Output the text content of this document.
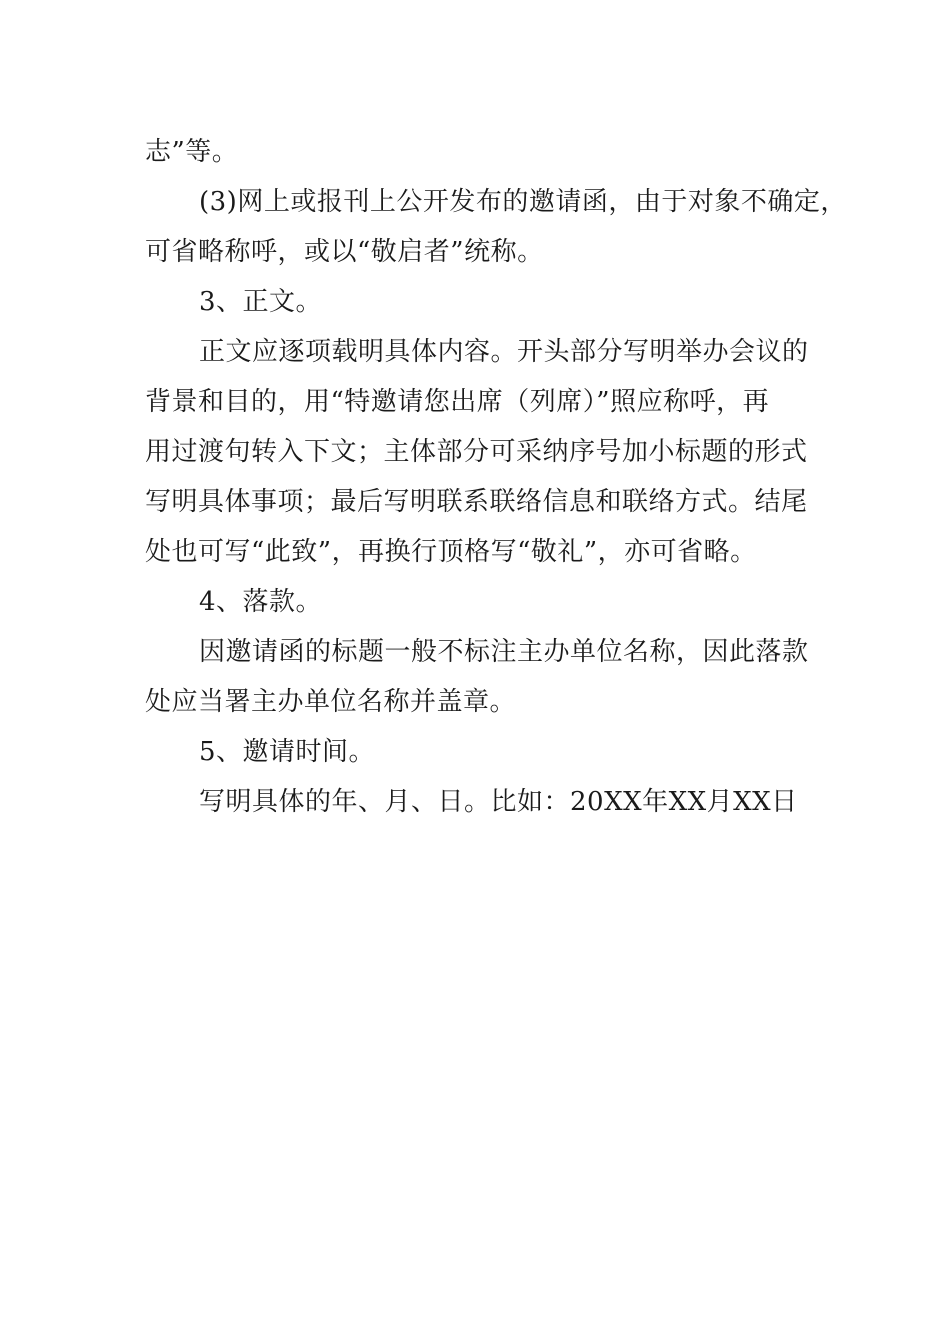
志”等。

(3)网上或报刊上公开发布的邀请函，由于对象不确定，

可省略称呼，或以“敬启者”统称。

3、正文。

正文应逐项载明具体内容。开头部分写明举办会议的

背景和目的，用“特邀请您出席（列席）”照应称呼，再

用过渡句转入下文；主体部分可采纳序号加小标题的形式

写明具体事项；最后写明联系联络信息和联络方式。结尾

处也可写“此致”，再换行顶格写“敬礼”，亦可省略。

4、落款。

因邀请函的标题一般不标注主办单位名称，因此落款

处应当署主办单位名称并盖章。

5、邀请时间。

写明具体的年、月、日。比如：20XX年XX月XX日
